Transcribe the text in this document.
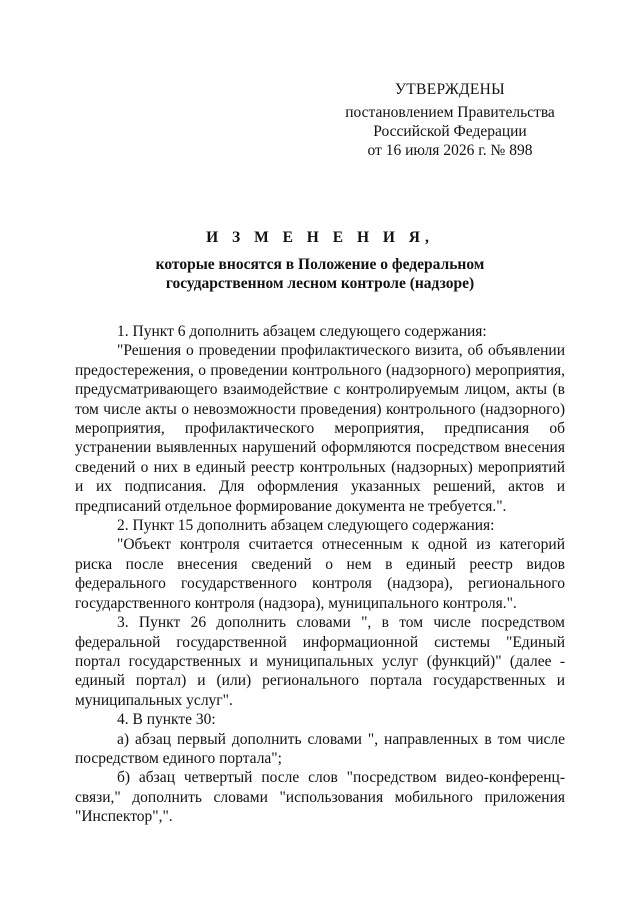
УТВЕРЖДЕНЫ
постановлением Правительства
Российской Федерации
от 16 июля 2026 г. № 898
И З М Е Н Е Н И Я,
которые вносятся в Положение о федеральном
государственном лесном контроле (надзоре)

1. Пункт 6 дополнить абзацем следующего содержания:

"Решения о проведении профилактического визита, об объявлении предостережения, о проведении контрольного (надзорного) мероприятия, предусматривающего взаимодействие с контролируемым лицом, акты (в том числе акты о невозможности проведения) контрольного (надзорного) мероприятия, профилактического мероприятия, предписания об устранении выявленных нарушений оформляются посредством внесения сведений о них в единый реестр контрольных (надзорных) мероприятий и их подписания. Для оформления указанных решений, актов и предписаний отдельное формирование документа не требуется.".

2. Пункт 15 дополнить абзацем следующего содержания:

"Объект контроля считается отнесенным к одной из категорий риска после внесения сведений о нем в единый реестр видов федерального государственного контроля (надзора), регионального государственного контроля (надзора), муниципального контроля.".

3. Пункт 26 дополнить словами ", в том числе посредством федеральной государственной информационной системы "Единый портал государственных и муниципальных услуг (функций)" (далее - единый портал) и (или) регионального портала государственных и муниципальных услуг".

4. В пункте 30:

а) абзац первый дополнить словами ", направленных в том числе посредством единого портала";

б) абзац четвертый после слов "посредством видео-конференц-связи," дополнить словами "использования мобильного приложения "Инспектор",".
